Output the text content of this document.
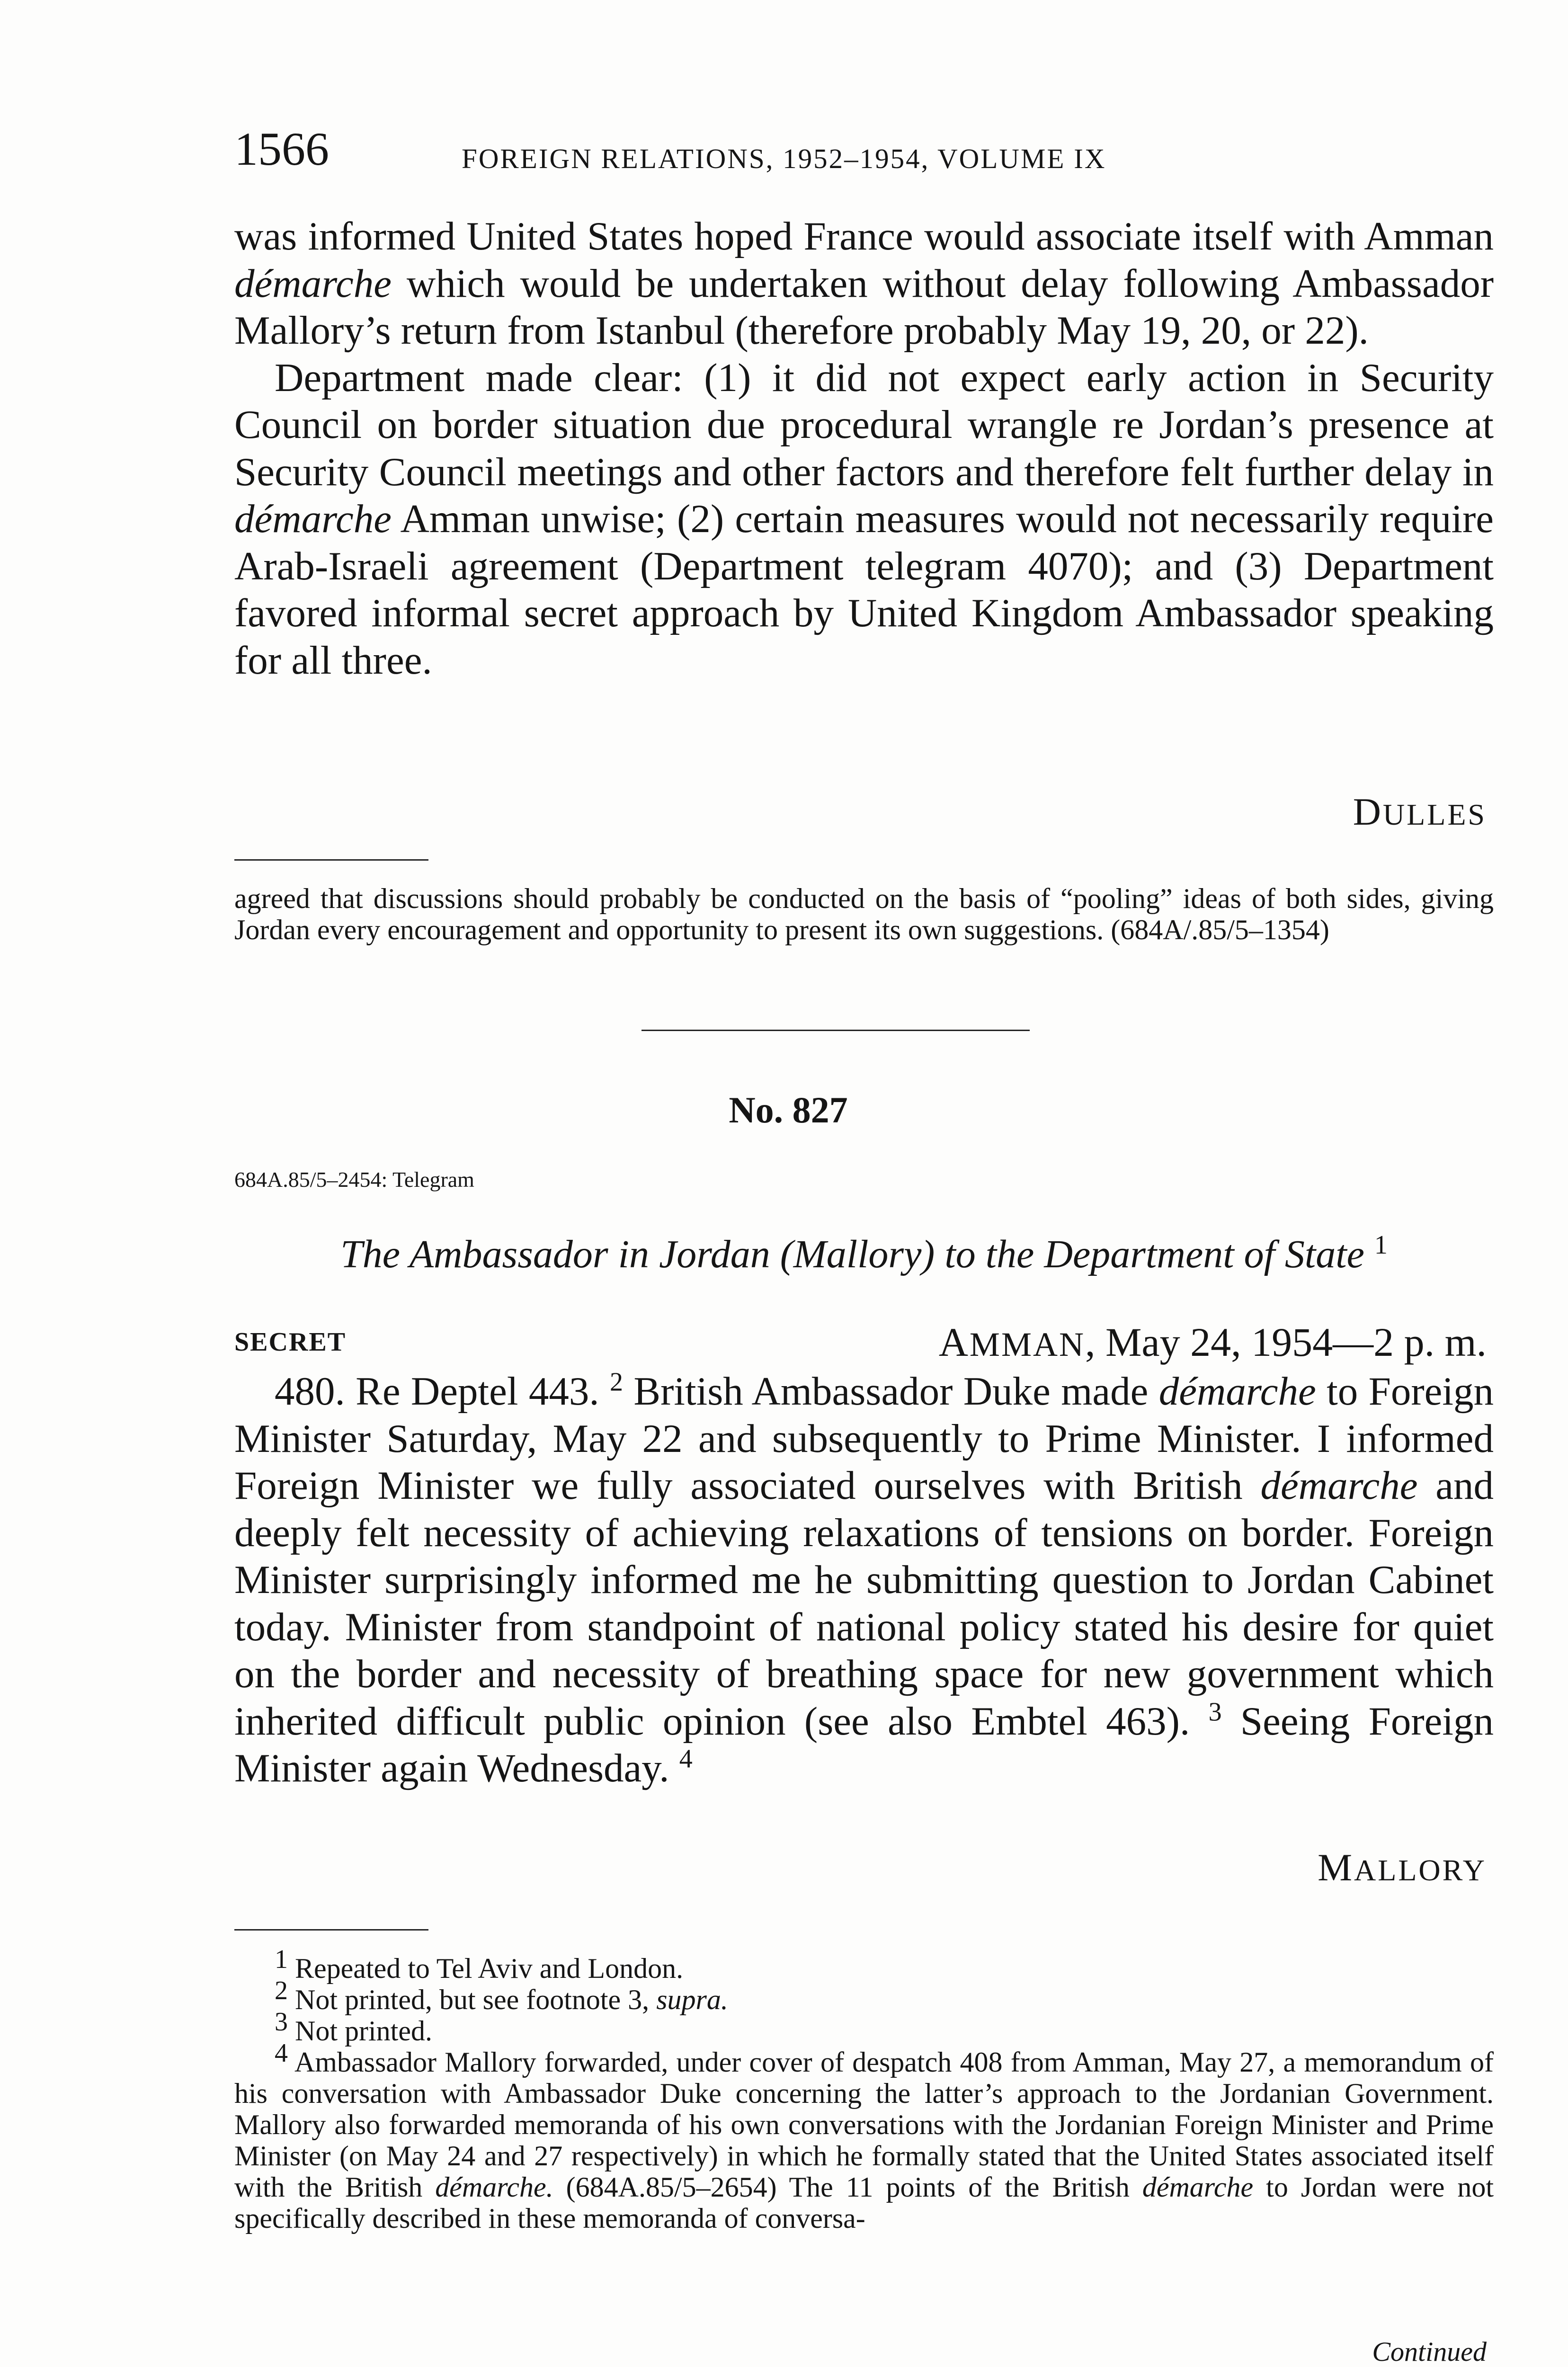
1566	FOREIGN RELATIONS, 1952–1954, VOLUME IX

was informed United States hoped France would associate itself with Amman démarche which would be undertaken without delay following Ambassador Mallory’s return from Istanbul (therefore probably May 19, 20, or 22).

Department made clear: (1) it did not expect early action in Security Council on border situation due procedural wrangle re Jordan’s presence at Security Council meetings and other factors and therefore felt further delay in démarche Amman unwise; (2) certain measures would not necessarily require Arab-Israeli agreement (Department telegram 4070); and (3) Department favored informal secret approach by United Kingdom Ambassador speaking for all three.

DULLES
agreed that discussions should probably be conducted on the basis of “pooling” ideas of both sides, giving Jordan every encouragement and opportunity to present its own suggestions. (684A/.85/5–1354)
No. 827
684A.85/5–2454: Telegram
The Ambassador in Jordan (Mallory) to the Department of State $^1$
SECRET	AMMAN, May 24, 1954—2 p. m.

480. Re Deptel 443. $^2$ British Ambassador Duke made démarche to Foreign Minister Saturday, May 22 and subsequently to Prime Minister. I informed Foreign Minister we fully associated ourselves with British démarche and deeply felt necessity of achieving relaxations of tensions on border. Foreign Minister surprisingly informed me he submitting question to Jordan Cabinet today. Minister from standpoint of national policy stated his desire for quiet on the border and necessity of breathing space for new government which inherited difficult public opinion (see also Embtel 463). $^3$ Seeing Foreign Minister again Wednesday. $^4$

MALLORY

1 Repeated to Tel Aviv and London.

2 Not printed, but see footnote 3, supra.

3 Not printed.

4 Ambassador Mallory forwarded, under cover of despatch 408 from Amman, May 27, a memorandum of his conversation with Ambassador Duke concerning the latter’s approach to the Jordanian Government. Mallory also forwarded memoranda of his own conversations with the Jordanian Foreign Minister and Prime Minister (on May 24 and 27 respectively) in which he formally stated that the United States associated itself with the British démarche. (684A.85/5–2654) The 11 points of the British démarche to Jordan were not specifically described in these memoranda of conversa-

Continued
